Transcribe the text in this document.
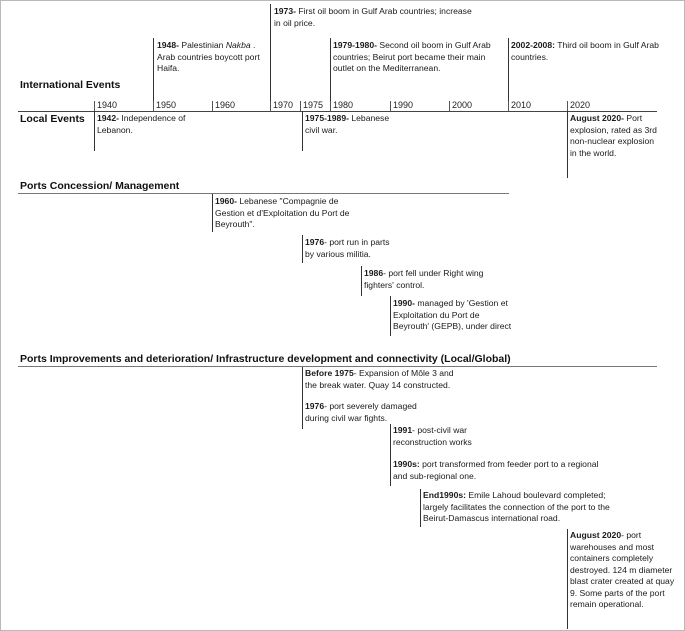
1973- First oil boom in Gulf Arab countries; increase in oil price.
1948- Palestinian Nakba . Arab countries boycott port Haifa.
1979-1980- Second oil boom in Gulf Arab countries; Beirut port became their main outlet on the Mediterranean.
2002-2008: Third oil boom in Gulf Arab countries.
International Events
1940	1950	1960	1970 1975 1980	1990	2000	2010	2020
Local Events 1942- Independence of Lebanon.
1975-1989- Lebanese civil war.
August 2020- Port explosion, rated as 3rd non-nuclear explosion in the world.
Ports Concession/ Management
1960- Lebanese "Compagnie de Gestion et d'Exploitation du Port de Beyrouth".
1976- port run in parts by various militia.
1986- port fell under Right wing fighters' control.
1990- managed by 'Gestion et Exploitation du Port de Beyrouth' (GEPB), under direct
Ports Improvements and deterioration/ Infrastructure development and connectivity (Local/Global)
Before 1975- Expansion of Môle 3 and the break water. Quay 14 constructed.
1976- port severely damaged during civil war fights.
1991- post-civil war reconstruction works
1990s: port transformed from feeder port to a regional and sub-regional one.
End1990s: Emile Lahoud boulevard completed; largely facilitates the connection of the port to the Beirut-Damascus international road.
August 2020- port warehouses and most containers completely destroyed. 124 m diameter blast crater created at quay 9. Some parts of the port remain operational.
